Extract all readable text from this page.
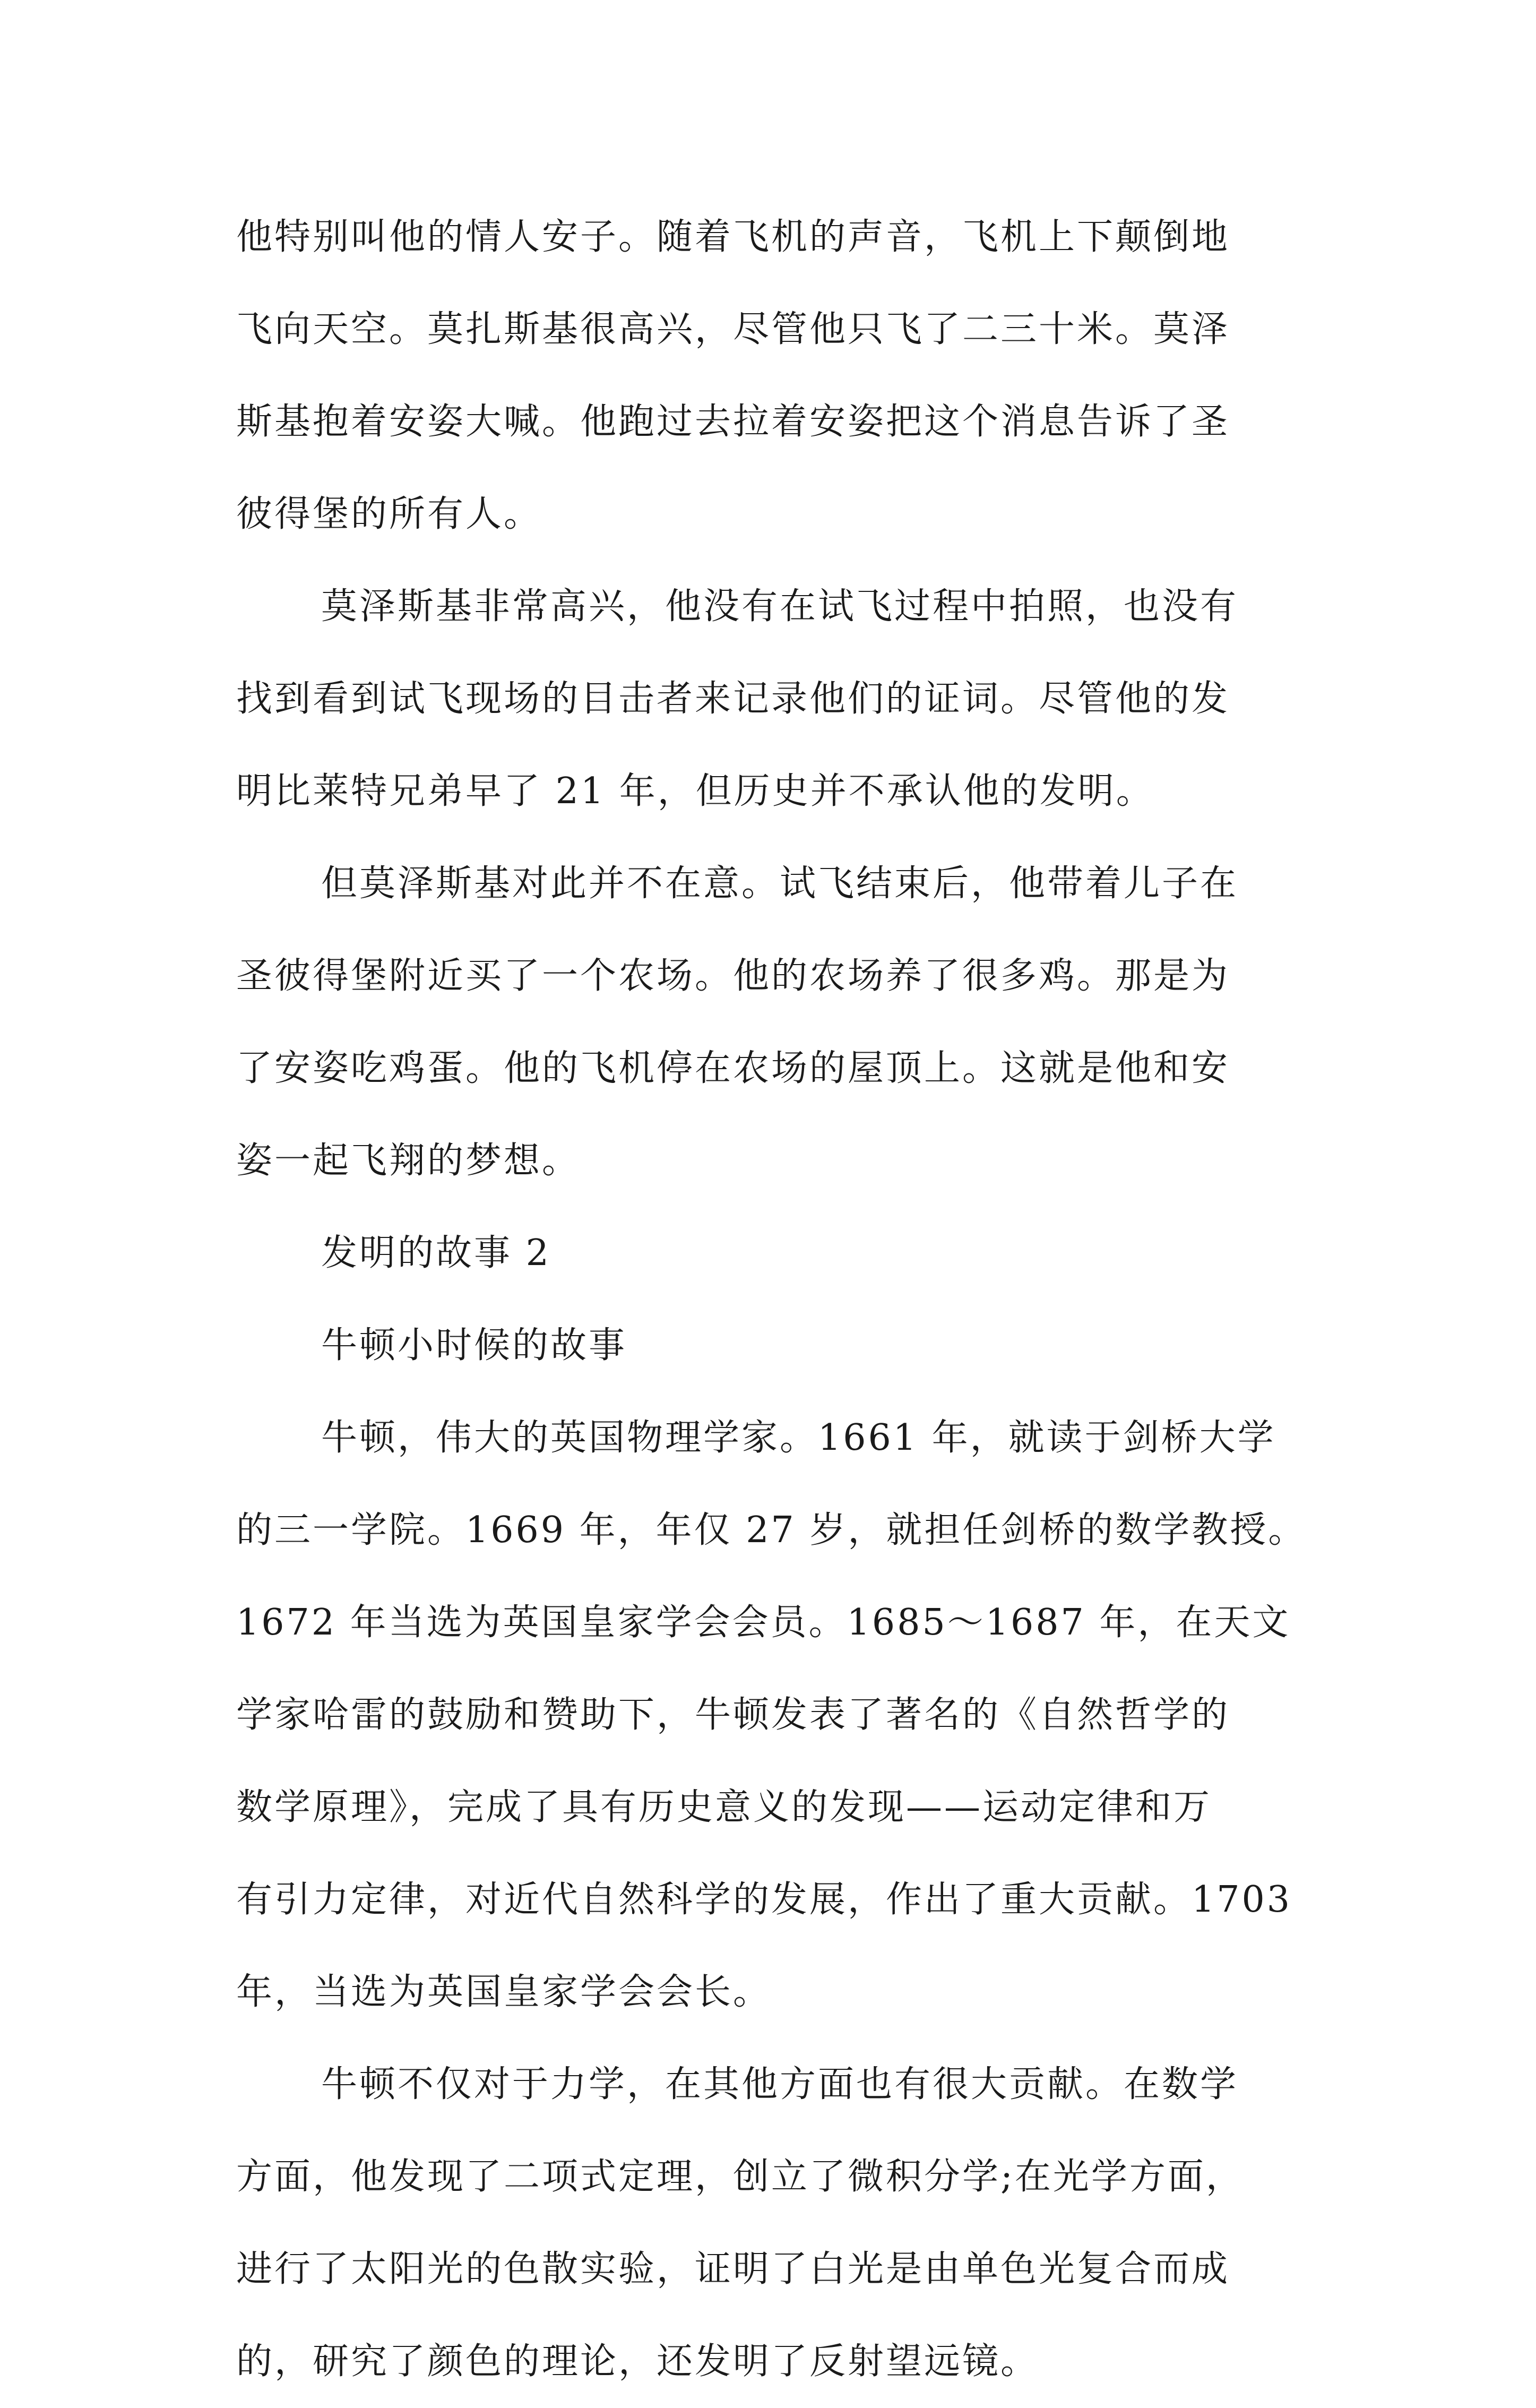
他特别叫他的情人安子。随着飞机的声音，飞机上下颠倒地
飞向天空。莫扎斯基很高兴，尽管他只飞了二三十米。莫泽
斯基抱着安姿大喊。他跑过去拉着安姿把这个消息告诉了圣
彼得堡的所有人。
莫泽斯基非常高兴，他没有在试飞过程中拍照，也没有
找到看到试飞现场的目击者来记录他们的证词。尽管他的发
明比莱特兄弟早了 21 年，但历史并不承认他的发明。
但莫泽斯基对此并不在意。试飞结束后，他带着儿子在
圣彼得堡附近买了一个农场。他的农场养了很多鸡。那是为
了安姿吃鸡蛋。他的飞机停在农场的屋顶上。这就是他和安
姿一起飞翔的梦想。
发明的故事 2
牛顿小时候的故事
牛顿，伟大的英国物理学家。1661 年，就读于剑桥大学
的三一学院。1669 年，年仅 27 岁，就担任剑桥的数学教授。
1672 年当选为英国皇家学会会员。1685～1687 年，在天文
学家哈雷的鼓励和赞助下，牛顿发表了著名的《自然哲学的
数学原理》，完成了具有历史意义的发现——运动定律和万
有引力定律，对近代自然科学的发展，作出了重大贡献。1703
年，当选为英国皇家学会会长。
牛顿不仅对于力学，在其他方面也有很大贡献。在数学
方面，他发现了二项式定理，创立了微积分学;在光学方面，
进行了太阳光的色散实验，证明了白光是由单色光复合而成
的，研究了颜色的理论，还发明了反射望远镜。
